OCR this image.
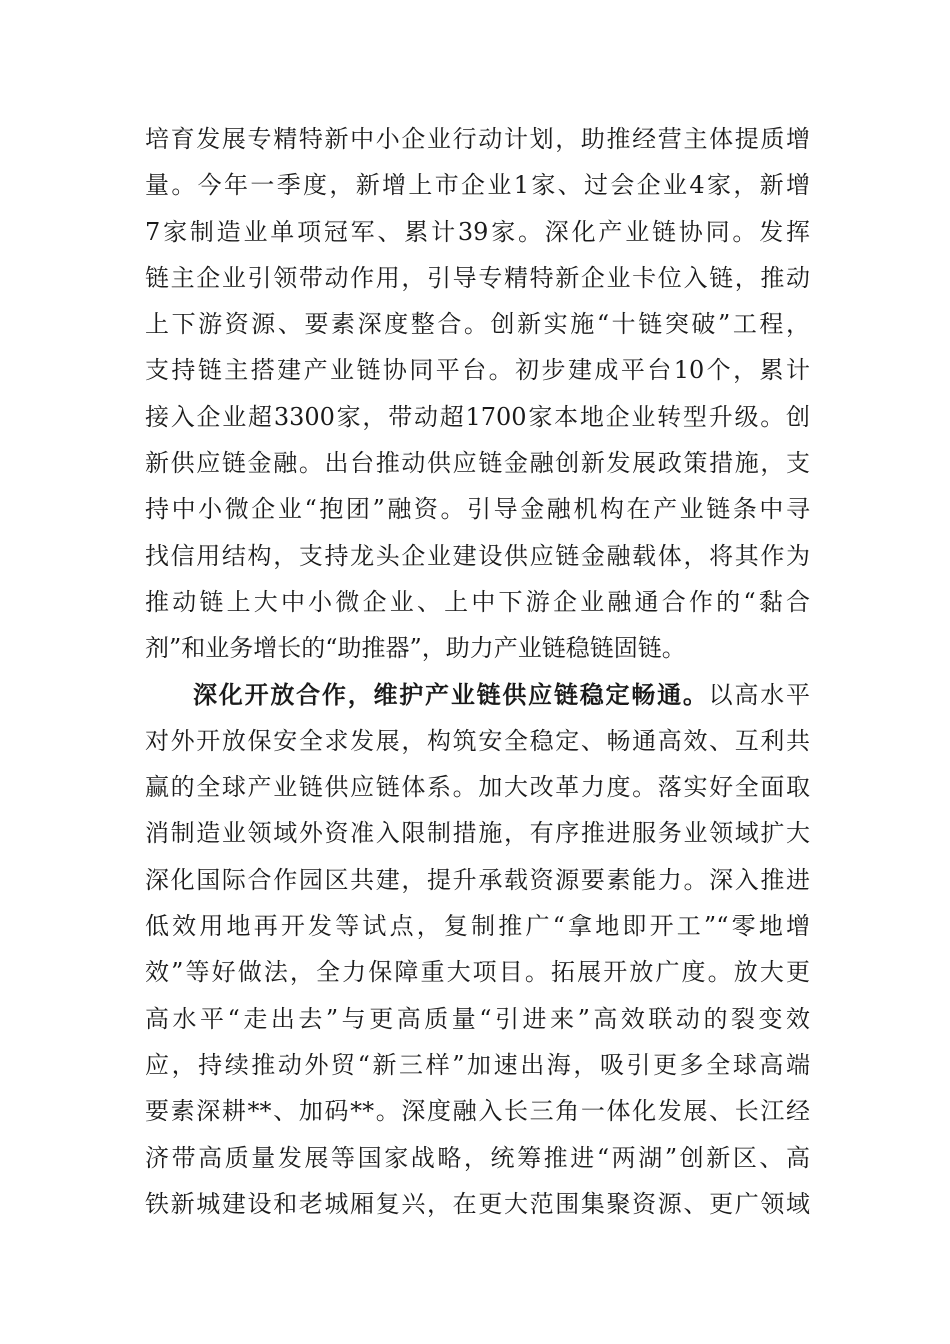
培育发展专精特新中小企业行动计划，助推经营主体提质增
量。今年一季度，新增上市企业1家、过会企业4家，新增
7家制造业单项冠军、累计39家。深化产业链协同。发挥
链主企业引领带动作用，引导专精特新企业卡位入链，推动
上下游资源、要素深度整合。创新实施“十链突破”工程，
支持链主搭建产业链协同平台。初步建成平台10个，累计
接入企业超3300家，带动超1700家本地企业转型升级。创
新供应链金融。出台推动供应链金融创新发展政策措施，支
持中小微企业“抱团”融资。引导金融机构在产业链条中寻
找信用结构，支持龙头企业建设供应链金融载体，将其作为
推动链上大中小微企业、上中下游企业融通合作的“黏合
剂”和业务增长的“助推器”，助力产业链稳链固链。
深化开放合作，维护产业链供应链稳定畅通。以高水平
对外开放保安全求发展，构筑安全稳定、畅通高效、互利共
赢的全球产业链供应链体系。加大改革力度。落实好全面取
消制造业领域外资准入限制措施，有序推进服务业领域扩大
深化国际合作园区共建，提升承载资源要素能力。深入推进
低效用地再开发等试点，复制推广“拿地即开工”“零地增
效”等好做法，全力保障重大项目。拓展开放广度。放大更
高水平“走出去”与更高质量“引进来”高效联动的裂变效
应，持续推动外贸“新三样”加速出海，吸引更多全球高端
要素深耕**、加码**。深度融入长三角一体化发展、长江经
济带高质量发展等国家战略，统筹推进“两湖”创新区、高
铁新城建设和老城厢复兴，在更大范围集聚资源、更广领域
